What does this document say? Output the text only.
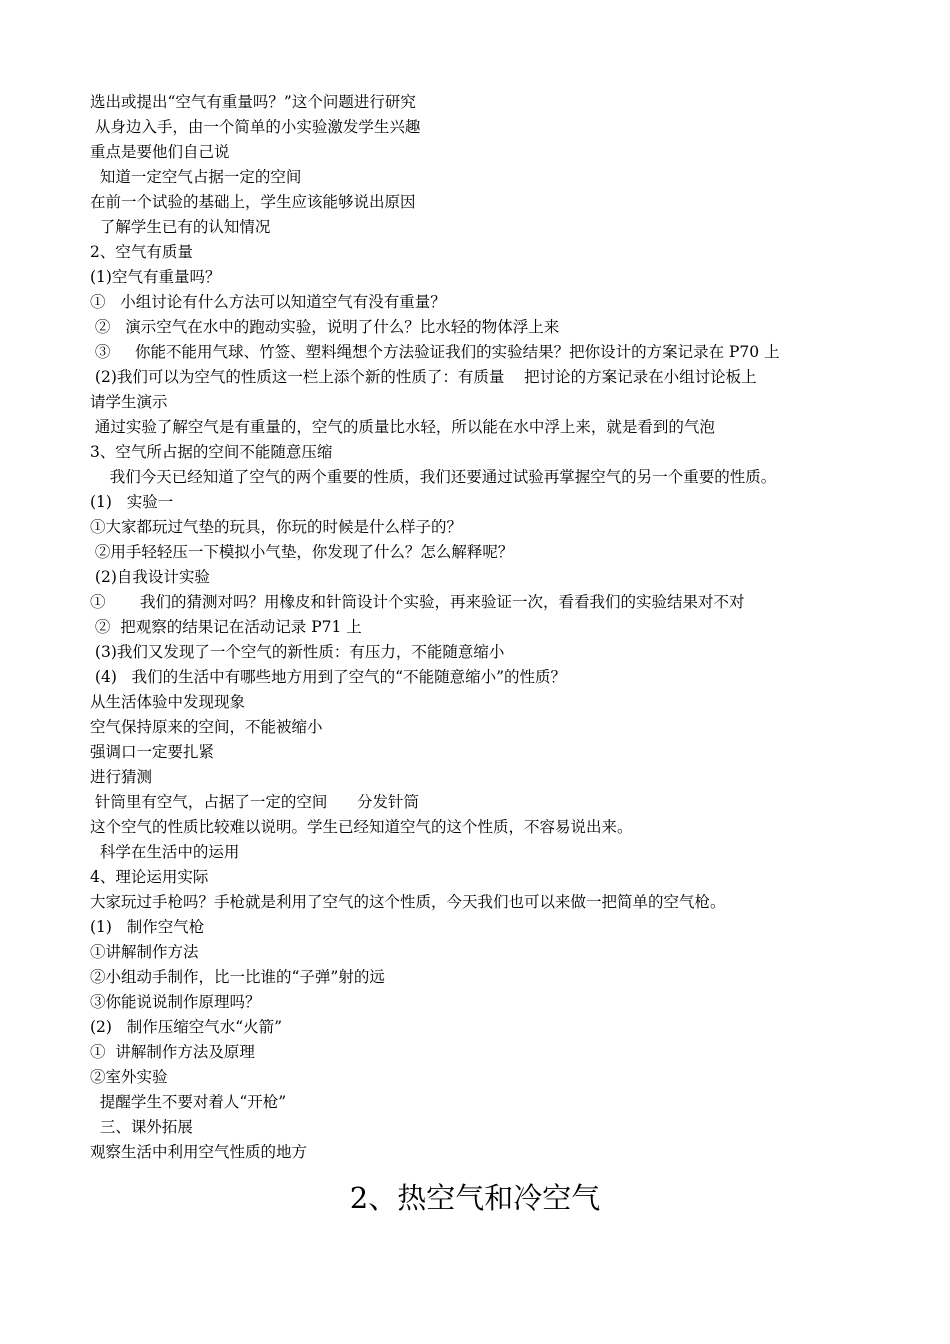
选出或提出“空气有重量吗？”这个问题进行研究
从身边入手，由一个简单的小实验激发学生兴趣
重点是要他们自己说
知道一定空气占据一定的空间
在前一个试验的基础上，学生应该能够说出原因
了解学生已有的认知情况
2、空气有质量
(1)空气有重量吗？
①   小组讨论有什么方法可以知道空气有没有重量？
②   演示空气在水中的跑动实验，说明了什么？比水轻的物体浮上来
③     你能不能用气球、竹签、塑料绳想个方法验证我们的实验结果？把你设计的方案记录在 P70 上
(2)我们可以为空气的性质这一栏上添个新的性质了：有质量    把讨论的方案记录在小组讨论板上
请学生演示
通过实验了解空气是有重量的，空气的质量比水轻，所以能在水中浮上来，就是看到的气泡
3、空气所占据的空间不能随意压缩
我们今天已经知道了空气的两个重要的性质，我们还要通过试验再掌握空气的另一个重要的性质。
(1)   实验一
①大家都玩过气垫的玩具，你玩的时候是什么样子的？
②用手轻轻压一下模拟小气垫，你发现了什么？怎么解释呢？
(2)自我设计实验
①       我们的猜测对吗？用橡皮和针筒设计个实验，再来验证一次，看看我们的实验结果对不对
②  把观察的结果记在活动记录 P71 上
(3)我们又发现了一个空气的新性质：有压力，不能随意缩小
(4)   我们的生活中有哪些地方用到了空气的“不能随意缩小”的性质？
从生活体验中发现现象
空气保持原来的空间，不能被缩小
强调口一定要扎紧
进行猜测
针筒里有空气，占据了一定的空间      分发针筒
这个空气的性质比较难以说明。学生已经知道空气的这个性质，不容易说出来。
科学在生活中的运用
4、理论运用实际
大家玩过手枪吗？手枪就是利用了空气的这个性质，今天我们也可以来做一把简单的空气枪。
(1)   制作空气枪
①讲解制作方法
②小组动手制作，比一比谁的“子弹”射的远
③你能说说制作原理吗？
(2)   制作压缩空气水“火箭”
①  讲解制作方法及原理
②室外实验
提醒学生不要对着人“开枪”
三、课外拓展
观察生活中利用空气性质的地方
2、热空气和冷空气
